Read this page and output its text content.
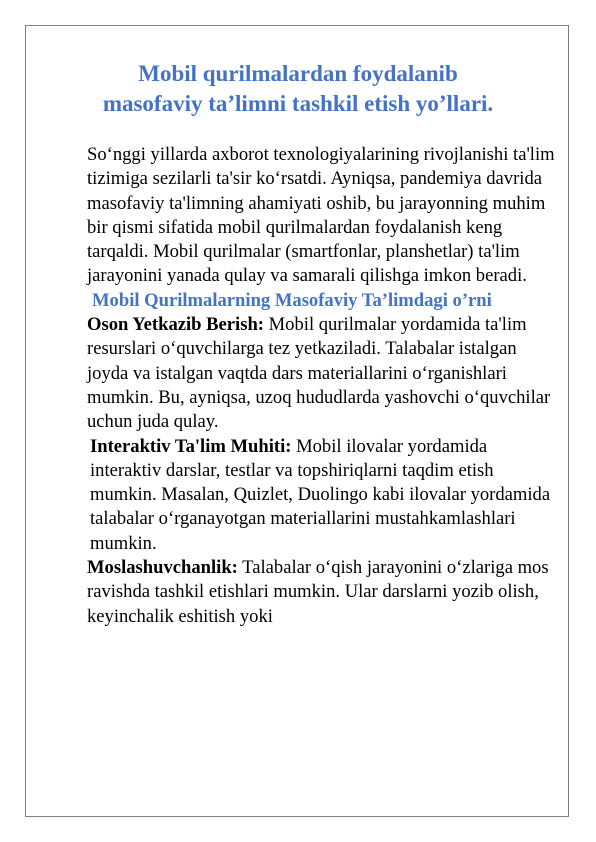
Mobil qurilmalardan foydalanib
masofaviy ta’limni tashkil etish yo’llari.

So‘nggi yillarda axborot texnologiyalarining rivojlanishi ta'lim tizimiga sezilarli ta'sir ko‘rsatdi. Ayniqsa, pandemiya davrida masofaviy ta'limning ahamiyati oshib, bu jarayonning muhim bir qismi sifatida mobil qurilmalardan foydalanish keng tarqaldi. Mobil qurilmalar (smartfonlar, planshetlar) ta'lim jarayonini yanada qulay va samarali qilishga imkon beradi.

Mobil Qurilmalarning Masofaviy Ta’limdagi o’rni

Oson Yetkazib Berish: Mobil qurilmalar yordamida ta'lim resurslari o‘quvchilarga tez yetkaziladi. Talabalar istalgan joyda va istalgan vaqtda dars materiallarini o‘rganishlari mumkin. Bu, ayniqsa, uzoq hududlarda yashovchi o‘quvchilar uchun juda qulay.

Interaktiv Ta'lim Muhiti: Mobil ilovalar yordamida interaktiv darslar, testlar va topshiriqlarni taqdim etish mumkin. Masalan, Quizlet, Duolingo kabi ilovalar yordamida talabalar o‘rganayotgan materiallarini mustahkamlashlari mumkin.

Moslashuvchanlik: Talabalar o‘qish jarayonini o‘zlariga mos ravishda tashkil etishlari mumkin. Ular darslarni yozib olish, keyinchalik eshitish yoki
